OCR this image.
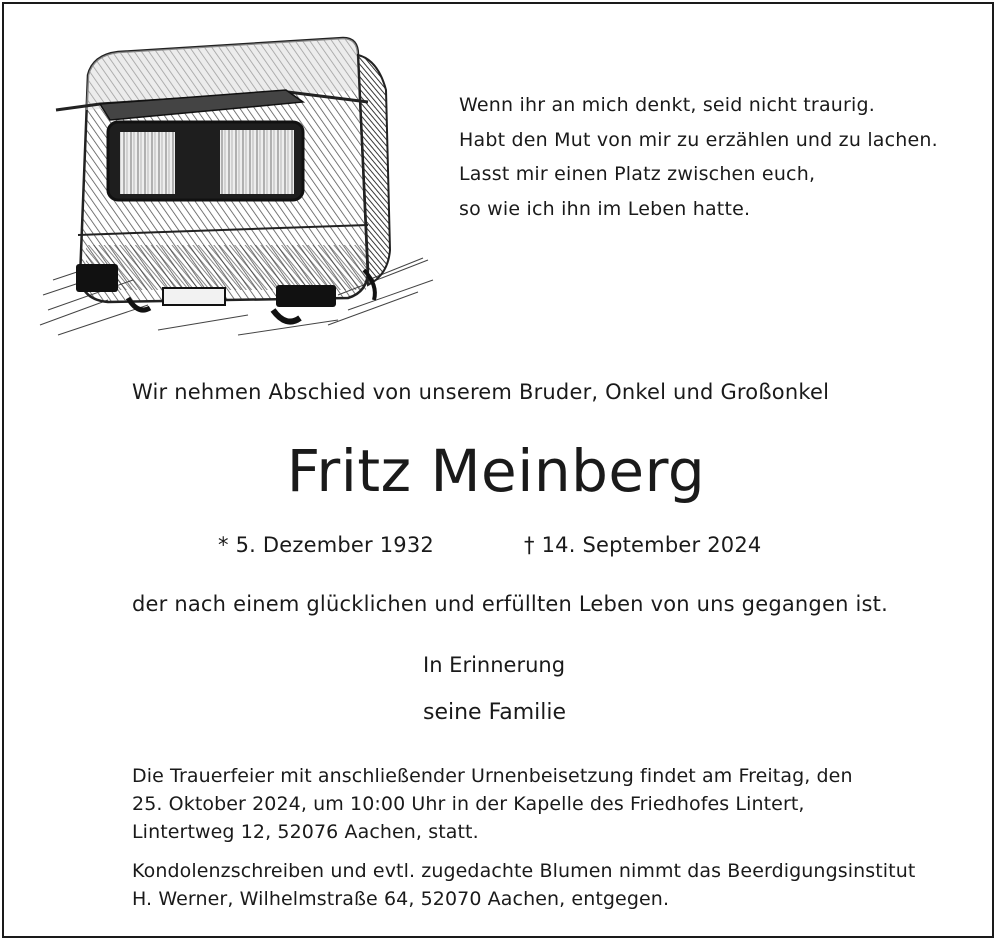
Wenn ihr an mich denkt, seid nicht traurig.
Habt den Mut von mir zu erzählen und zu lachen.
Lasst mir einen Platz zwischen euch,
so wie ich ihn im Leben hatte.
Wir nehmen Abschied von unserem Bruder, Onkel und Großonkel
Fritz Meinberg
* 5. Dezember 1932	† 14. September 2024
der nach einem glücklichen und erfüllten Leben von uns gegangen ist.
In Erinnerung
seine Familie
Die Trauerfeier mit anschließender Urnenbeisetzung findet am Freitag, den
25. Oktober 2024, um 10:00 Uhr in der Kapelle des Friedhofes Lintert,
Lintertweg 12, 52076 Aachen, statt.
Kondolenzschreiben und evtl. zugedachte Blumen nimmt das Beerdigungsinstitut
H. Werner, Wilhelmstraße 64, 52070 Aachen, entgegen.
